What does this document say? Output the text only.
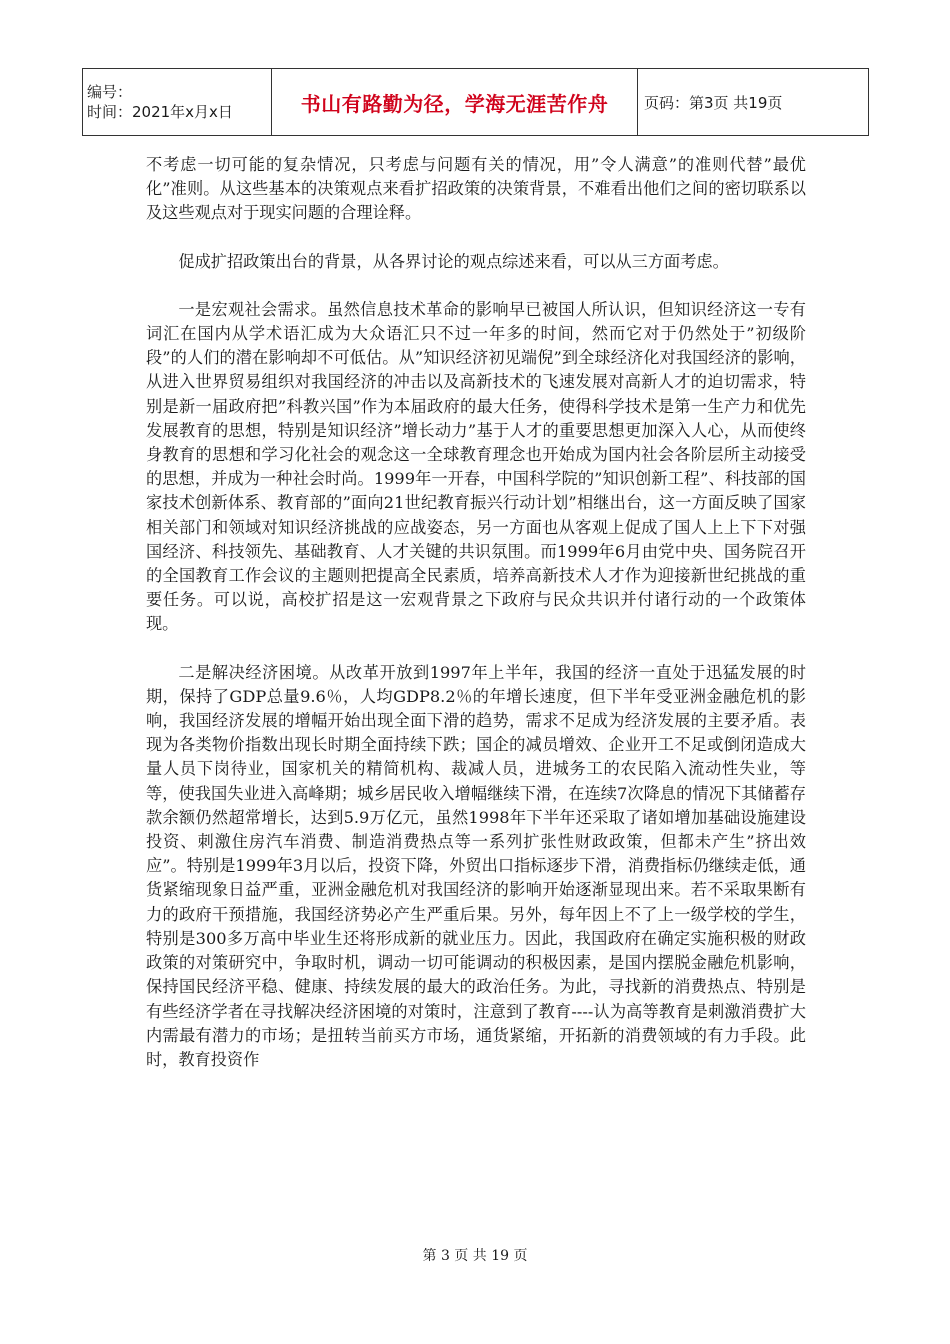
编号：
时间：2021年x月x日	书山有路勤为径，学海无涯苦作舟	页码：第3页 共19页

不考虑一切可能的复杂情况，只考虑与问题有关的情况，用”令人满意”的准则代替”最优化”准则。从这些基本的决策观点来看扩招政策的决策背景，不难看出他们之间的密切联系以及这些观点对于现实问题的合理诠释。

促成扩招政策出台的背景，从各界讨论的观点综述来看，可以从三方面考虑。

一是宏观社会需求。虽然信息技术革命的影响早已被国人所认识，但知识经济这一专有词汇在国内从学术语汇成为大众语汇只不过一年多的时间，然而它对于仍然处于”初级阶段”的人们的潜在影响却不可低估。从”知识经济初见端倪”到全球经济化对我国经济的影响，从进入世界贸易组织对我国经济的冲击以及高新技术的飞速发展对高新人才的迫切需求，特别是新一届政府把”科教兴国”作为本届政府的最大任务，使得科学技术是第一生产力和优先发展教育的思想，特别是知识经济”增长动力”基于人才的重要思想更加深入人心，从而使终身教育的思想和学习化社会的观念这一全球教育理念也开始成为国内社会各阶层所主动接受的思想，并成为一种社会时尚。1999年一开春，中国科学院的”知识创新工程”、科技部的国家技术创新体系、教育部的”面向21世纪教育振兴行动计划”相继出台，这一方面反映了国家相关部门和领域对知识经济挑战的应战姿态，另一方面也从客观上促成了国人上上下下对强国经济、科技领先、基础教育、人才关键的共识氛围。而1999年6月由党中央、国务院召开的全国教育工作会议的主题则把提高全民素质，培养高新技术人才作为迎接新世纪挑战的重要任务。可以说，高校扩招是这一宏观背景之下政府与民众共识并付诸行动的一个政策体现。

二是解决经济困境。从改革开放到1997年上半年，我国的经济一直处于迅猛发展的时期，保持了GDP总量9.6％，人均GDP8.2％的年增长速度，但下半年受亚洲金融危机的影响，我国经济发展的增幅开始出现全面下滑的趋势，需求不足成为经济发展的主要矛盾。表现为各类物价指数出现长时期全面持续下跌；国企的减员增效、企业开工不足或倒闭造成大量人员下岗待业，国家机关的精简机构、裁减人员，进城务工的农民陷入流动性失业，等等，使我国失业进入高峰期；城乡居民收入增幅继续下滑，在连续7次降息的情况下其储蓄存款余额仍然超常增长，达到5.9万亿元，虽然1998年下半年还采取了诸如增加基础设施建设投资、刺激住房汽车消费、制造消费热点等一系列扩张性财政政策，但都未产生”挤出效应”。特别是1999年3月以后，投资下降，外贸出口指标逐步下滑，消费指标仍继续走低，通货紧缩现象日益严重，亚洲金融危机对我国经济的影响开始逐渐显现出来。若不采取果断有力的政府干预措施，我国经济势必产生严重后果。另外，每年因上不了上一级学校的学生，特别是300多万高中毕业生还将形成新的就业压力。因此，我国政府在确定实施积极的财政政策的对策研究中，争取时机，调动一切可能调动的积极因素，是国内摆脱金融危机影响，保持国民经济平稳、健康、持续发展的最大的政治任务。为此，寻找新的消费热点、特别是有些经济学者在寻找解决经济困境的对策时，注意到了教育----认为高等教育是刺激消费扩大内需最有潜力的市场；是扭转当前买方市场，通货紧缩，开拓新的消费领域的有力手段。此时，教育投资作

第 3 页 共 19 页
